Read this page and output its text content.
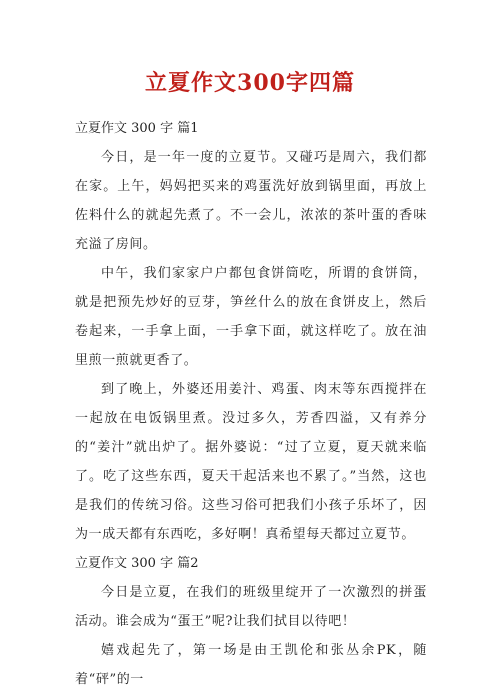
立夏作文300字四篇

立夏作文 300 字 篇1

今日，是一年一度的立夏节。又碰巧是周六，我们都在家。上午，妈妈把买来的鸡蛋洗好放到锅里面，再放上佐料什么的就起先煮了。不一会儿，浓浓的茶叶蛋的香味充溢了房间。

中午，我们家家户户都包食饼筒吃，所谓的食饼筒，就是把预先炒好的豆芽，笋丝什么的放在食饼皮上，然后卷起来，一手拿上面，一手拿下面，就这样吃了。放在油里煎一煎就更香了。

到了晚上，外婆还用姜汁、鸡蛋、肉末等东西搅拌在一起放在电饭锅里煮。没过多久，芳香四溢，又有养分的“姜汁”就出炉了。据外婆说：“过了立夏，夏天就来临了。吃了这些东西，夏天干起活来也不累了。”当然，这也是我们的传统习俗。这些习俗可把我们小孩子乐坏了，因为一成天都有东西吃，多好啊！真希望每天都过立夏节。

立夏作文 300 字 篇2

今日是立夏，在我们的班级里绽开了一次激烈的拼蛋活动。谁会成为“蛋王”呢?让我们拭目以待吧！

嬉戏起先了，第一场是由王凯伦和张丛余PK，随着“砰”的一
